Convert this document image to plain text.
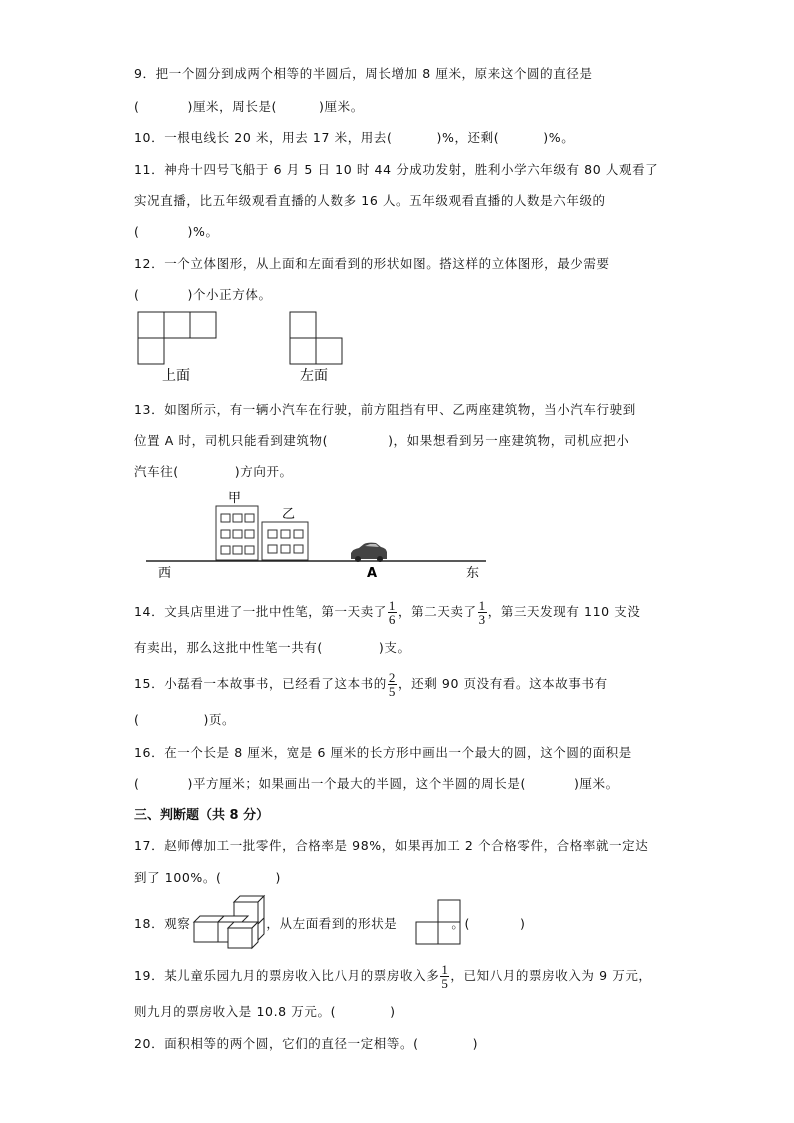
9．把一个圆分到成两个相等的半圆后，周长增加 8 厘米，原来这个圆的直径是
(	)厘米，周长是(	)厘米。
10．一根电线长 20 米，用去 17 米，用去(	)%，还剩(	)%。
11．神舟十四号飞船于 6 月 5 日 10 时 44 分成功发射，胜利小学六年级有 80 人观看了
实况直播，比五年级观看直播的人数多 16 人。五年级观看直播的人数是六年级的
(	)%。
12．一个立体图形，从上面和左面看到的形状如图。搭这样的立体图形，最少需要
(	)个小正方体。
上面	左面
13．如图所示，有一辆小汽车在行驶，前方阻挡有甲、乙两座建筑物，当小汽车行驶到
位置 A 时，司机只能看到建筑物(	)，如果想看到另一座建筑物，司机应把小
汽车往(	)方向开。
甲
乙
西	A	东
14．文具店里进了一批中性笔，第一天卖了 $\frac{1}{6}$ ，第二天卖了 $\frac{1}{3}$ ，第三天发现有 110 支没
有卖出，那么这批中性笔一共有(	)支。
15．小磊看一本故事书，已经看了这本书的 $\frac{2}{5}$ ，还剩 90 页没有看。这本故事书有
(	)页。
16．在一个长是 8 厘米，宽是 6 厘米的长方形中画出一个最大的圆，这个圆的面积是
(	)平方厘米；如果画出一个最大的半圆，这个半圆的周长是(	)厘米。
三、判断题（共 8 分）
17．赵师傅加工一批零件，合格率是 98%，如果再加工 2 个合格零件，合格率就一定达
到了 100%。(	)
18．观察	，从左面看到的形状是	。(	)
19．某儿童乐园九月的票房收入比八月的票房收入多 $\frac{1}{5}$ ，已知八月的票房收入为 9 万元，
则九月的票房收入是 10.8 万元。(	)
20．面积相等的两个圆，它们的直径一定相等。(	)
